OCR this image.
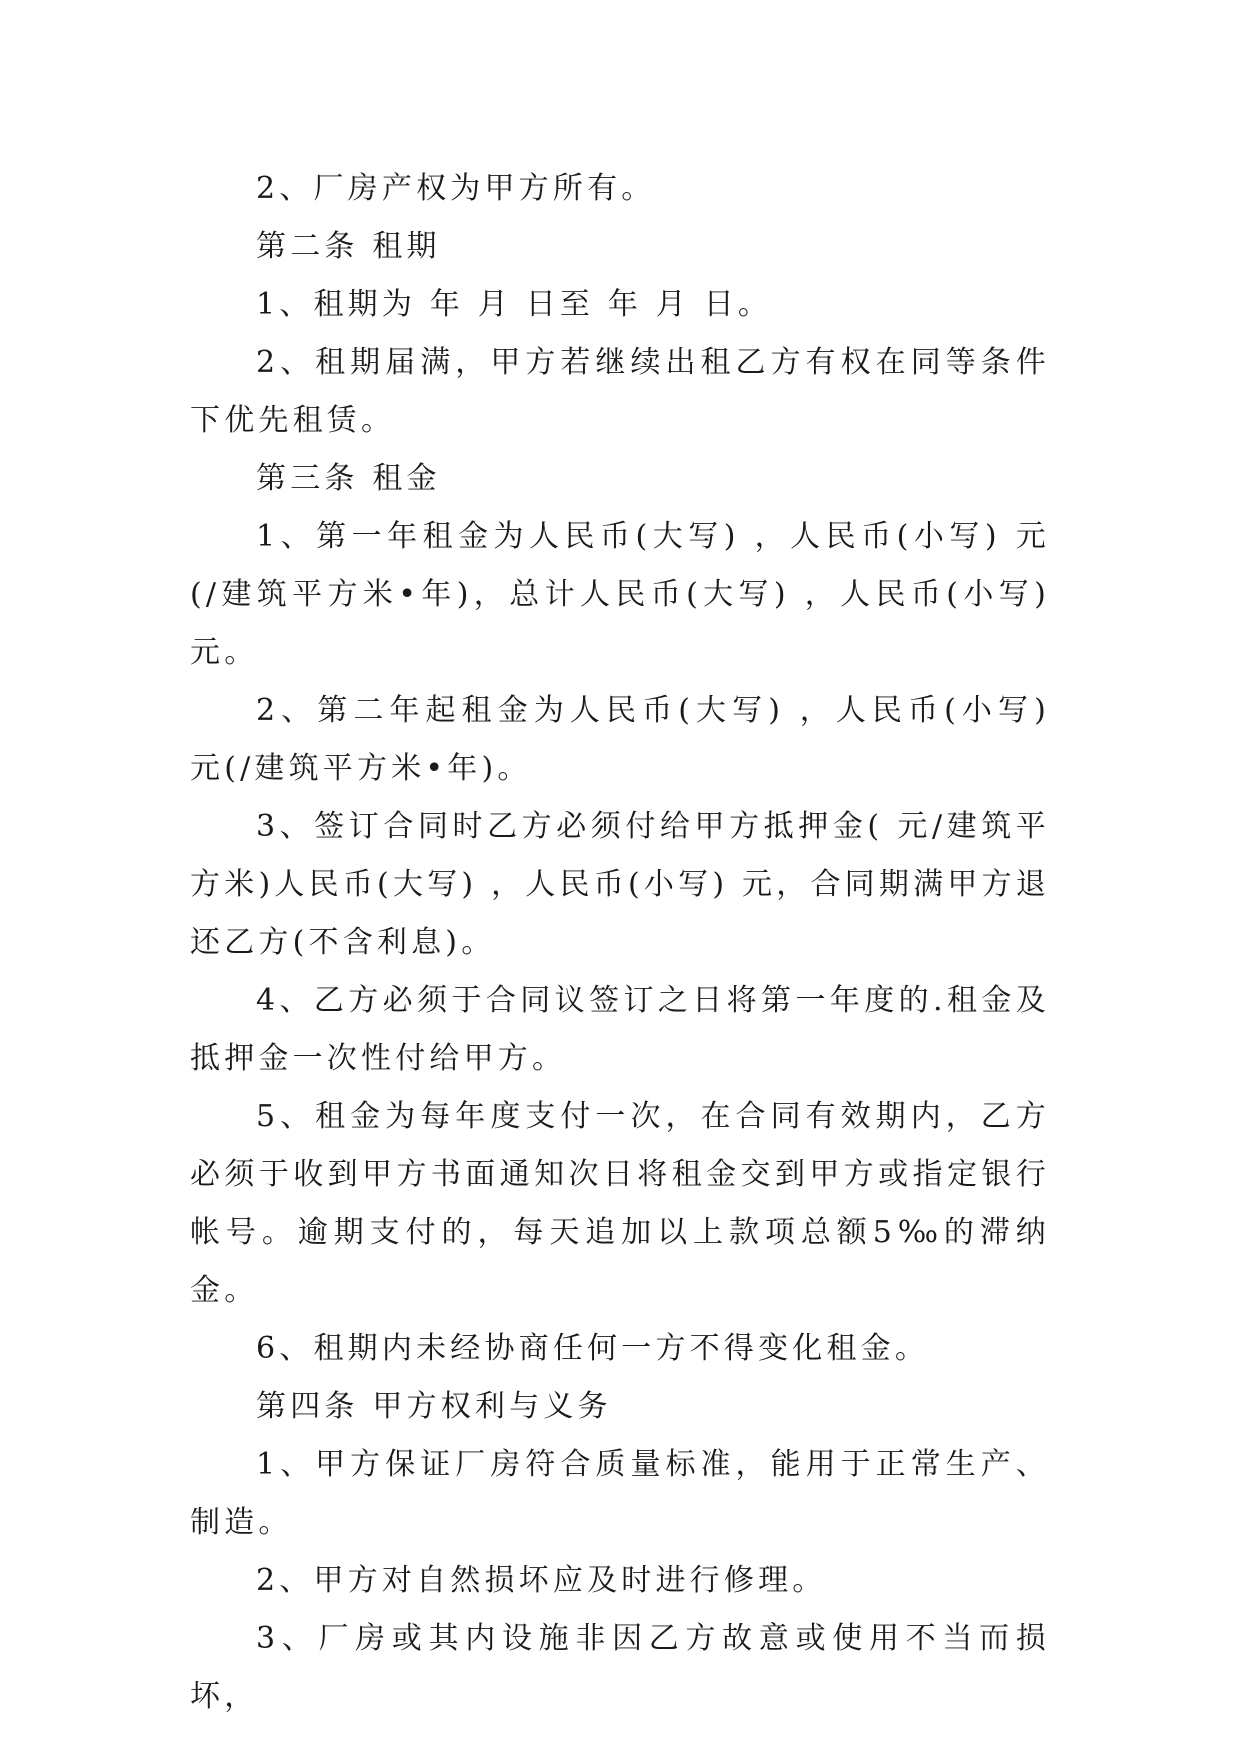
2、厂房产权为甲方所有。

第二条 租期

1、租期为 年 月 日至 年 月 日。

2、租期届满，甲方若继续出租乙方有权在同等条件下优先租赁。

第三条 租金

1、第一年租金为人民币(大写) ，人民币(小写) 元(/建筑平方米•年)，总计人民币(大写) ，人民币(小写) 元。

2、第二年起租金为人民币(大写) ，人民币(小写) 元(/建筑平方米•年)。

3、签订合同时乙方必须付给甲方抵押金( 元/建筑平方米)人民币(大写) ，人民币(小写) 元，合同期满甲方退还乙方(不含利息)。

4、乙方必须于合同议签订之日将第一年度的.租金及抵押金一次性付给甲方。

5、租金为每年度支付一次，在合同有效期内，乙方必须于收到甲方书面通知次日将租金交到甲方或指定银行帐号。逾期支付的，每天追加以上款项总额5‰的滞纳金。

6、租期内未经协商任何一方不得变化租金。

第四条 甲方权利与义务

1、甲方保证厂房符合质量标准，能用于正常生产、制造。

2、甲方对自然损坏应及时进行修理。

3、厂房或其内设施非因乙方故意或使用不当而损坏，
